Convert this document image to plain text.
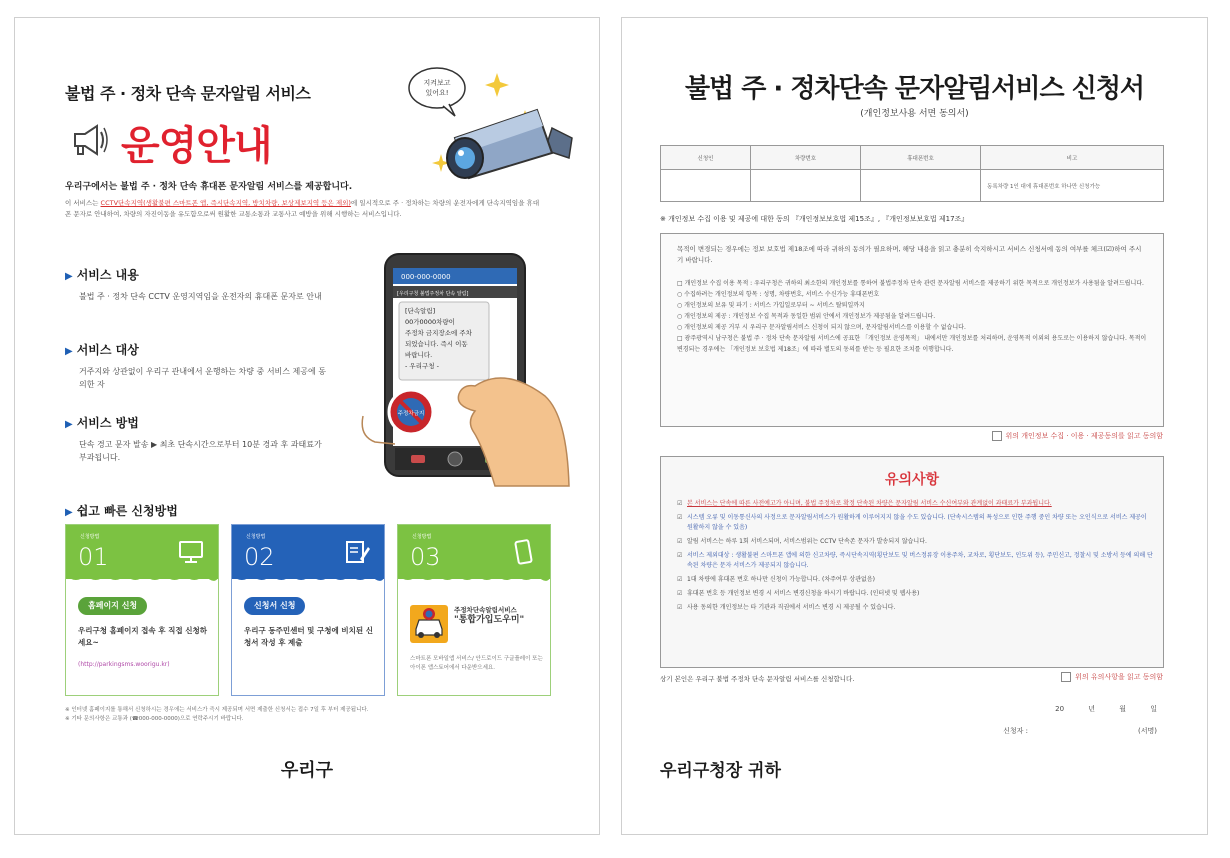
불법 주 · 정차 단속 문자알림 서비스
운영안내
지켜보고
있어요!
우리구에서는 불법 주 · 정차 단속 휴대폰 문자알림 서비스를 제공합니다.
이 서비스는 CCTV단속지역(생활불편 스마트폰 앱, 즉시단속지역, 방치차량, 보상제보지역 등은 제외)에 일시적으로 주 · 정차하는 차량의 운전자에게 단속지역임을 휴대폰 문자로 안내하여, 차량의 자진이동을 유도함으로써 원활한 교통소통과 교통사고 예방을 위해 시행하는 서비스입니다.
▶ 서비스 내용
불법 주 · 정차 단속 CCTV 운영지역임을 운전자의 휴대폰 문자로 안내
▶ 서비스 대상
거주지와 상관없이 우리구 관내에서 운행하는 차량 중 서비스 제공에 동의한 자
▶ 서비스 방법
단속 경고 문자 발송 ▶ 최초 단속시간으로부터 10분 경과 후 과태료가 부과됩니다.
000-000-0000
[우리구청 불법주정차 단속 알림]
[단속알림]
00가0000차량이
주정차 금지장소에 주차
되었습니다. 즉시 이동
바랍니다.
- 우리구청 -
주정차금지
▶ 쉽고 빠른 신청방법
신청방법
01
홈페이지 신청
우리구청 홈페이지 접속 후 직접 신청하세요~
(http://parkingsms.woorigu.kr)
신청방법
02
신청서 신청
우리구 동주민센터 및 구청에 비치된 신청서 작성 후 제출
신청방법
03
주정차단속알림서비스
"통합가입도우미"
스마트폰 모바일앱 서비스/ 안드로이드 구글플레이 또는 아이폰 앱스토어에서 다운받으세요.
※ 인터넷 홈페이지를 통해서 신청하시는 경우에는 서비스가 즉시 제공되며 서면 제출한 신청서는 접수 7일 후 부터 제공됩니다.
※ 기타 문의사항은 교통과 (☎000-000-0000)으로 연락주시기 바랍니다.
우리구
불법 주 · 정차단속 문자알림서비스 신청서
(개인정보사용 서면 동의서)
신청인	차량번호	휴대폰번호	비고
			동록차량 1인 대에 휴대폰번호 하나만 신청가능
※ 개인정보 수집 이용 및 제공에 대한 동의 『개인정보보호법 제15조』, 『개인정보보호법 제17조』
목적이 변경되는 경우에는 정보 보호법 제18조에 따라 귀하의 동의가 필요하며, 해당 내용을 읽고 충분히 숙지하시고 서비스 신청서에 동의 여부를 체크(☑)하여 주시기 바랍니다.
□ 개인정보 수집 이용 목적 : 우리구청은 귀하의 최소한의 개인정보를 통하여 불법주정차 단속 관련 문자알림 서비스를 제공하기 위한 목적으로 개인정보가 사용됨을 알려드립니다.
○ 수집하려는 개인정보의 항목 : 성명, 차량번호, 서비스 수신가능 휴대폰번호
○ 개인정보의 보유 및 파기 : 서비스 가입일로부터 ~ 서비스 탈퇴일까지
○ 개인정보의 제공 : 개인정보 수집 목적과 동일한 범위 안에서 개인정보가 제공됨을 알려드립니다.
○ 개인정보의 제공 거부 시 우리구 문자알림서비스 신청이 되지 않으며, 문자알림서비스를 이용할 수 없습니다.
□ 광주광역시 남구청은 불법 주 · 정차 단속 문자알림 서비스에 공표한 「개인정보 운영목적」 내에서만 개인정보를 처리하며, 운영목적 이외의 용도로는 이용하지 않습니다. 목적이 변경되는 경우에는 「개인정보 보호법 제18조」에 따라 별도의 동의를 받는 등 필요한 조치를 이행합니다.
위의 개인정보 수집 · 이용 · 제공동의를 읽고 동의함
유의사항
☑ 본 서비스는 단속에 따른 사전예고가 아니며, 불법 주정차로 확정 단속된 차량은 문자알림 서비스 수신여부와 관계없이 과태료가 부과됩니다.
☑ 시스템 오류 및 이동통신사의 사정으로 문자알림서비스가 원활하게 이루어지지 않을 수도 있습니다. (단속시스템의 특성으로 인한 주행 중인 차량 또는 오인식으로 서비스 제공이 원활하지 않을 수 있음)
☑ 알림 서비스는 하루 1회 서비스되며, 서비스범위는 CCTV 단속존 문자가 발송되지 않습니다.
☑ 서비스 제외대상 : 생활불편 스마트폰 앱에 의한 신고차량, 즉시단속지역(횡단보도 및 버스정류장 이용주차, 교차로, 횡단보도, 인도위 등), 주민신고, 정찰시 및 소방서 등에 의해 단속된 차량은 문자 서비스가 제공되지 않습니다.
☑ 1대 차량에 휴대폰 번호 하나만 신청이 가능합니다. (차주여부 상관없음)
☑ 휴대폰 번호 등 개인정보 변경 시 서비스 변경신청을 하시기 바랍니다. (인터넷 및 웹사용)
☑ 사용 동의한 개인정보는 타 기관과 직권에서 서비스 변경 시 제공될 수 있습니다.
상기 본인은 우리구 불법 주정차 단속 문자알림 서비스를 신청합니다.	위의 유의사항을 읽고 동의함
20 년 월 일
신청자 :	(서명)
우리구청장 귀하
